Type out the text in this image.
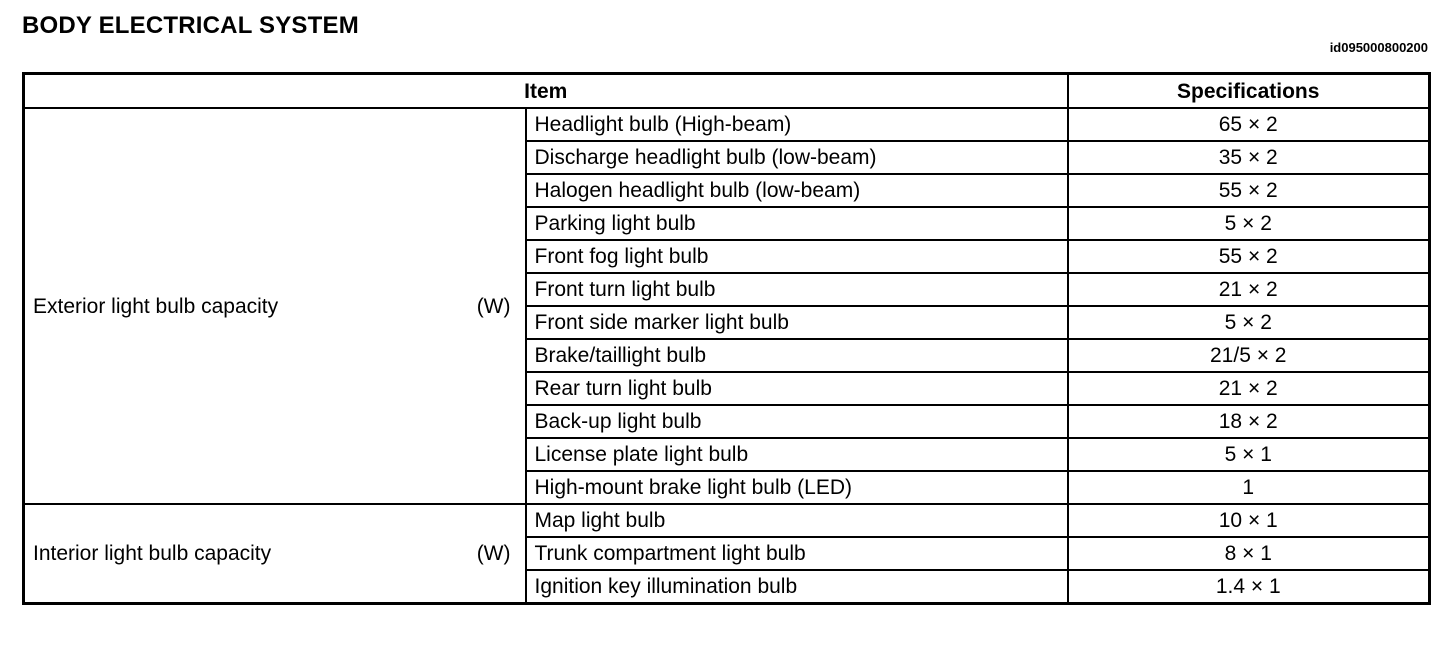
BODY ELECTRICAL SYSTEM
id095000800200
Item		Specifications

Exterior light bulb capacity (W)	Headlight bulb (High-beam)	65 × 2
	Discharge headlight bulb (low-beam)	35 × 2
	Halogen headlight bulb (low-beam)	55 × 2
	Parking light bulb	5 × 2
	Front fog light bulb	55 × 2
	Front turn light bulb	21 × 2
	Front side marker light bulb	5 × 2
	Brake/taillight bulb	21/5 × 2
	Rear turn light bulb	21 × 2
	Back-up light bulb	18 × 2
	License plate light bulb	5 × 1
	High-mount brake light bulb (LED)	1

Interior light bulb capacity (W)	Map light bulb	10 × 1
	Trunk compartment light bulb	8 × 1
	Ignition key illumination bulb	1.4 × 1
